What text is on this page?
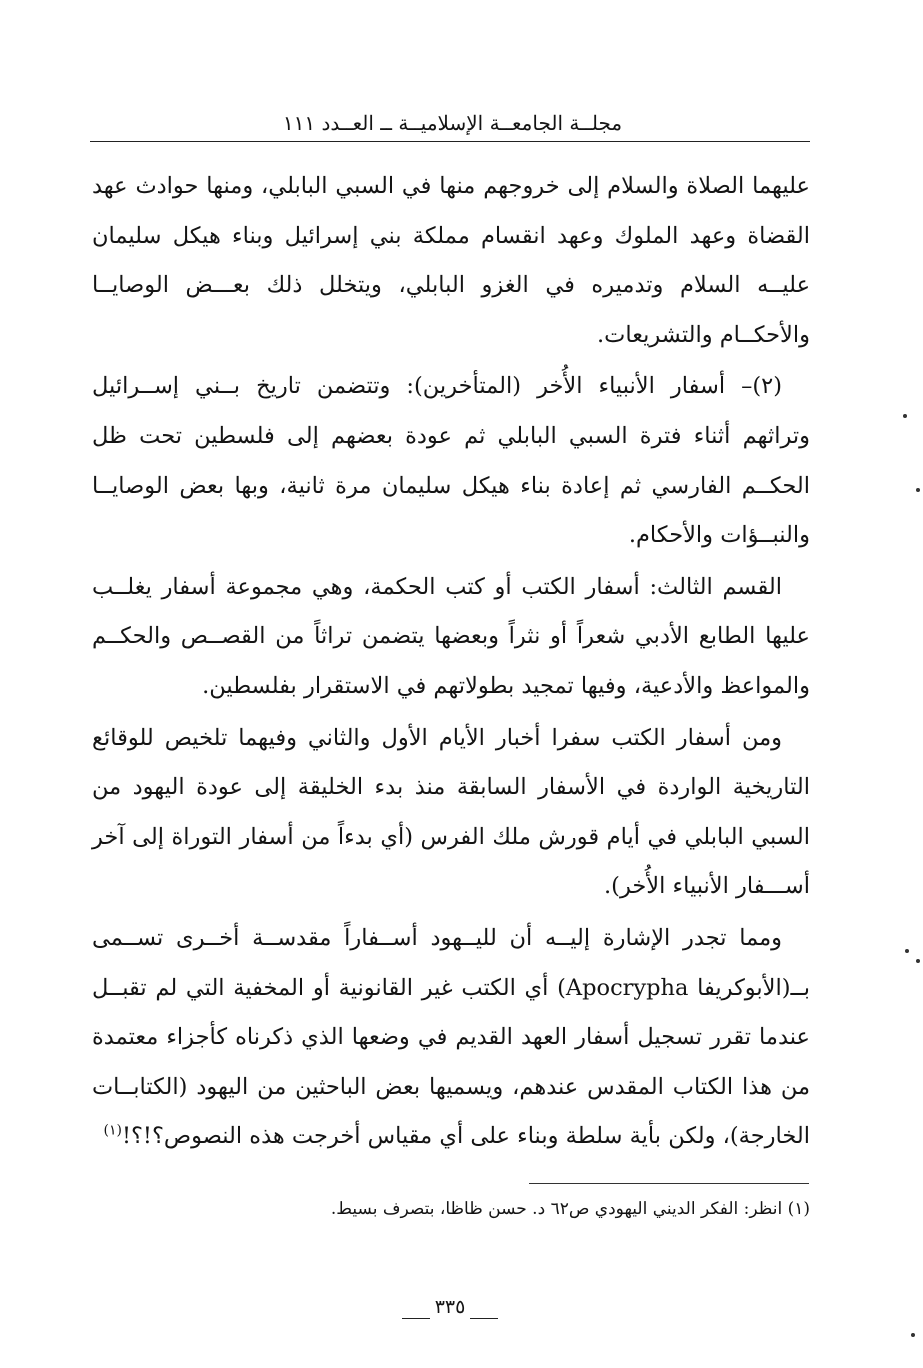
مجلــة الجامعــة الإسلاميــة ــ العــدد ١١١

عليهما الصلاة والسلام إلى خروجهم منها في السبي البابلي، ومنها حوادث عهد القضاة وعهد الملوك وعهد انقسام مملكة بني إسرائيل وبناء هيكل سليمان عليــه السلام وتدميره في الغزو البابلي، ويتخلل ذلك بعـــض الوصايــا والأحكــام والتشريعات.

(٢)– أسفار الأنبياء الأُخر (المتأخرين): وتتضمن تاريخ بــني إســرائيل وتراثهم أثناء فترة السبي البابلي ثم عودة بعضهم إلى فلسطين تحت ظل الحكــم الفارسي ثم إعادة بناء هيكل سليمان مرة ثانية، وبها بعض الوصايــا والنبــؤات والأحكام.

القسم الثالث: أسفار الكتب أو كتب الحكمة، وهي مجموعة أسفار يغلــب عليها الطابع الأدبي شعراً أو نثراً وبعضها يتضمن تراثاً من القصــص والحكــم والمواعظ والأدعية، وفيها تمجيد بطولاتهم في الاستقرار بفلسطين.

ومن أسفار الكتب سفرا أخبار الأيام الأول والثاني وفيهما تلخيص للوقائع التاريخية الواردة في الأسفار السابقة منذ بدء الخليقة إلى عودة اليهود من السبي البابلي في أيام قورش ملك الفرس (أي بدءاً من أسفار التوراة إلى آخر أســـفار الأنبياء الأُخر).

ومما تجدر الإشارة إليــه أن لليــهود أســفاراً مقدســة أخــرى تســمى بــ(الأبوكريفا Apocrypha) أي الكتب غير القانونية أو المخفية التي لم تقبــل عندما تقرر تسجيل أسفار العهد القديم في وضعها الذي ذكرناه كأجزاء معتمدة من هذا الكتاب المقدس عندهم، ويسميها بعض الباحثين من اليهود (الكتابــات الخارجة)، ولكن بأية سلطة وبناء على أي مقياس أخرجت هذه النصوص؟!؟!$^{(١)}$

(١) انظر: الفكر الديني اليهودي ص٦٢ د. حسن ظاظا، بتصرف بسيط.
٣٣٥
